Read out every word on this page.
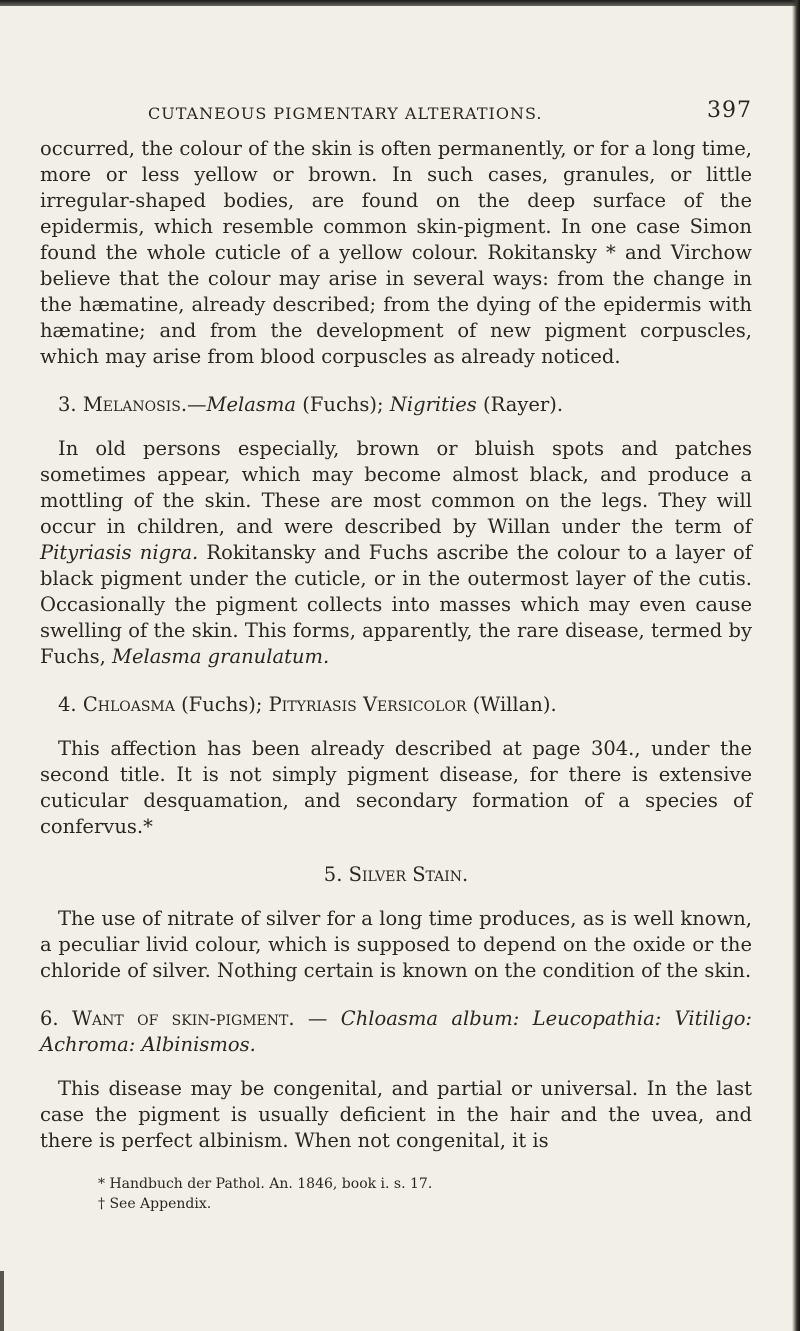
CUTANEOUS PIGMENTARY ALTERATIONS.	397

occurred, the colour of the skin is often permanently, or for a long time, more or less yellow or brown. In such cases, granules, or little irregular-shaped bodies, are found on the deep surface of the epidermis, which resemble common skin-pigment. In one case Simon found the whole cuticle of a yellow colour. Rokitansky * and Virchow believe that the colour may arise in several ways: from the change in the hæmatine, already described; from the dying of the epidermis with hæmatine; and from the development of new pigment corpuscles, which may arise from blood corpuscles as already noticed.

3. Melanosis.—Melasma (Fuchs); Nigrities (Rayer).

In old persons especially, brown or bluish spots and patches sometimes appear, which may become almost black, and produce a mottling of the skin. These are most common on the legs. They will occur in children, and were described by Willan under the term of Pityriasis nigra. Rokitansky and Fuchs ascribe the colour to a layer of black pigment under the cuticle, or in the outermost layer of the cutis. Occasionally the pigment collects into masses which may even cause swelling of the skin. This forms, apparently, the rare disease, termed by Fuchs, Melasma granulatum.

4. Chloasma (Fuchs); Pityriasis Versicolor (Willan).

This affection has been already described at page 304., under the second title. It is not simply pigment disease, for there is extensive cuticular desquamation, and secondary formation of a species of confervus.*

5. Silver Stain.

The use of nitrate of silver for a long time produces, as is well known, a peculiar livid colour, which is supposed to depend on the oxide or the chloride of silver. Nothing certain is known on the condition of the skin.

6. Want of skin-pigment. — Chloasma album: Leucopathia: Vitiligo: Achroma: Albinismos.

This disease may be congenital, and partial or universal. In the last case the pigment is usually deficient in the hair and the uvea, and there is perfect albinism. When not congenital, it is

* Handbuch der Pathol. An. 1846, book i. s. 17.
† See Appendix.
